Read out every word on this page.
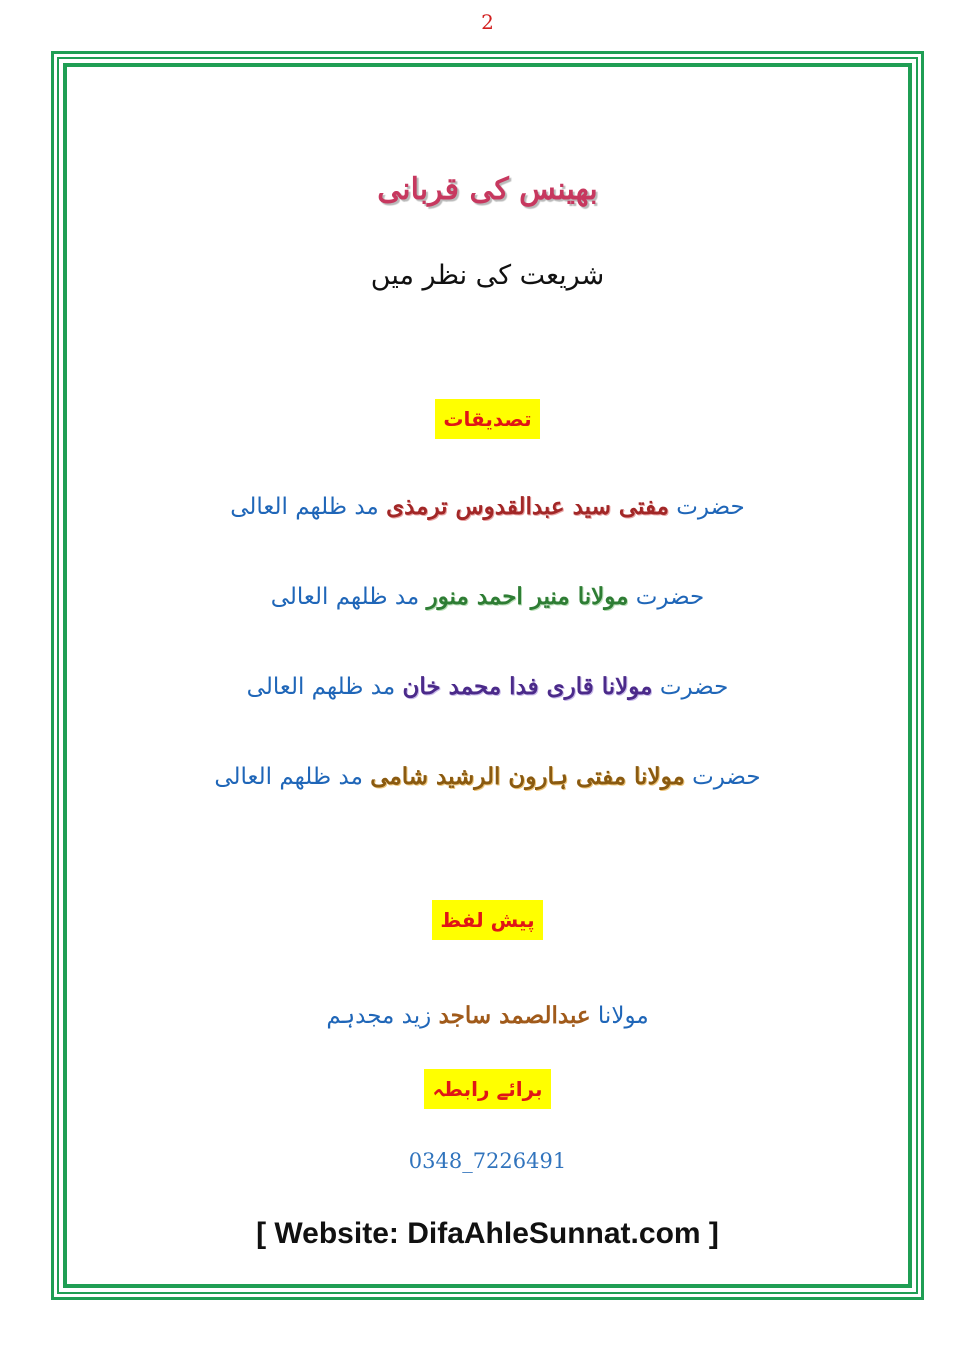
2
بھینس کی قربانی
شریعت کی نظر میں
تصدیقات
حضرت مفتی سید عبدالقدوس ترمذی مد ظلھم العالی
حضرت مولانا منیر احمد منور مد ظلھم العالی
حضرت مولانا قاری فدا محمد خان مد ظلھم العالی
حضرت مولانا مفتی ہارون الرشید شامی مد ظلھم العالی
پیش لفظ
مولانا عبدالصمد ساجد زید مجدہم
برائے رابطہ
0348_7226491
[ Website: DifaAhleSunnat.com ]
